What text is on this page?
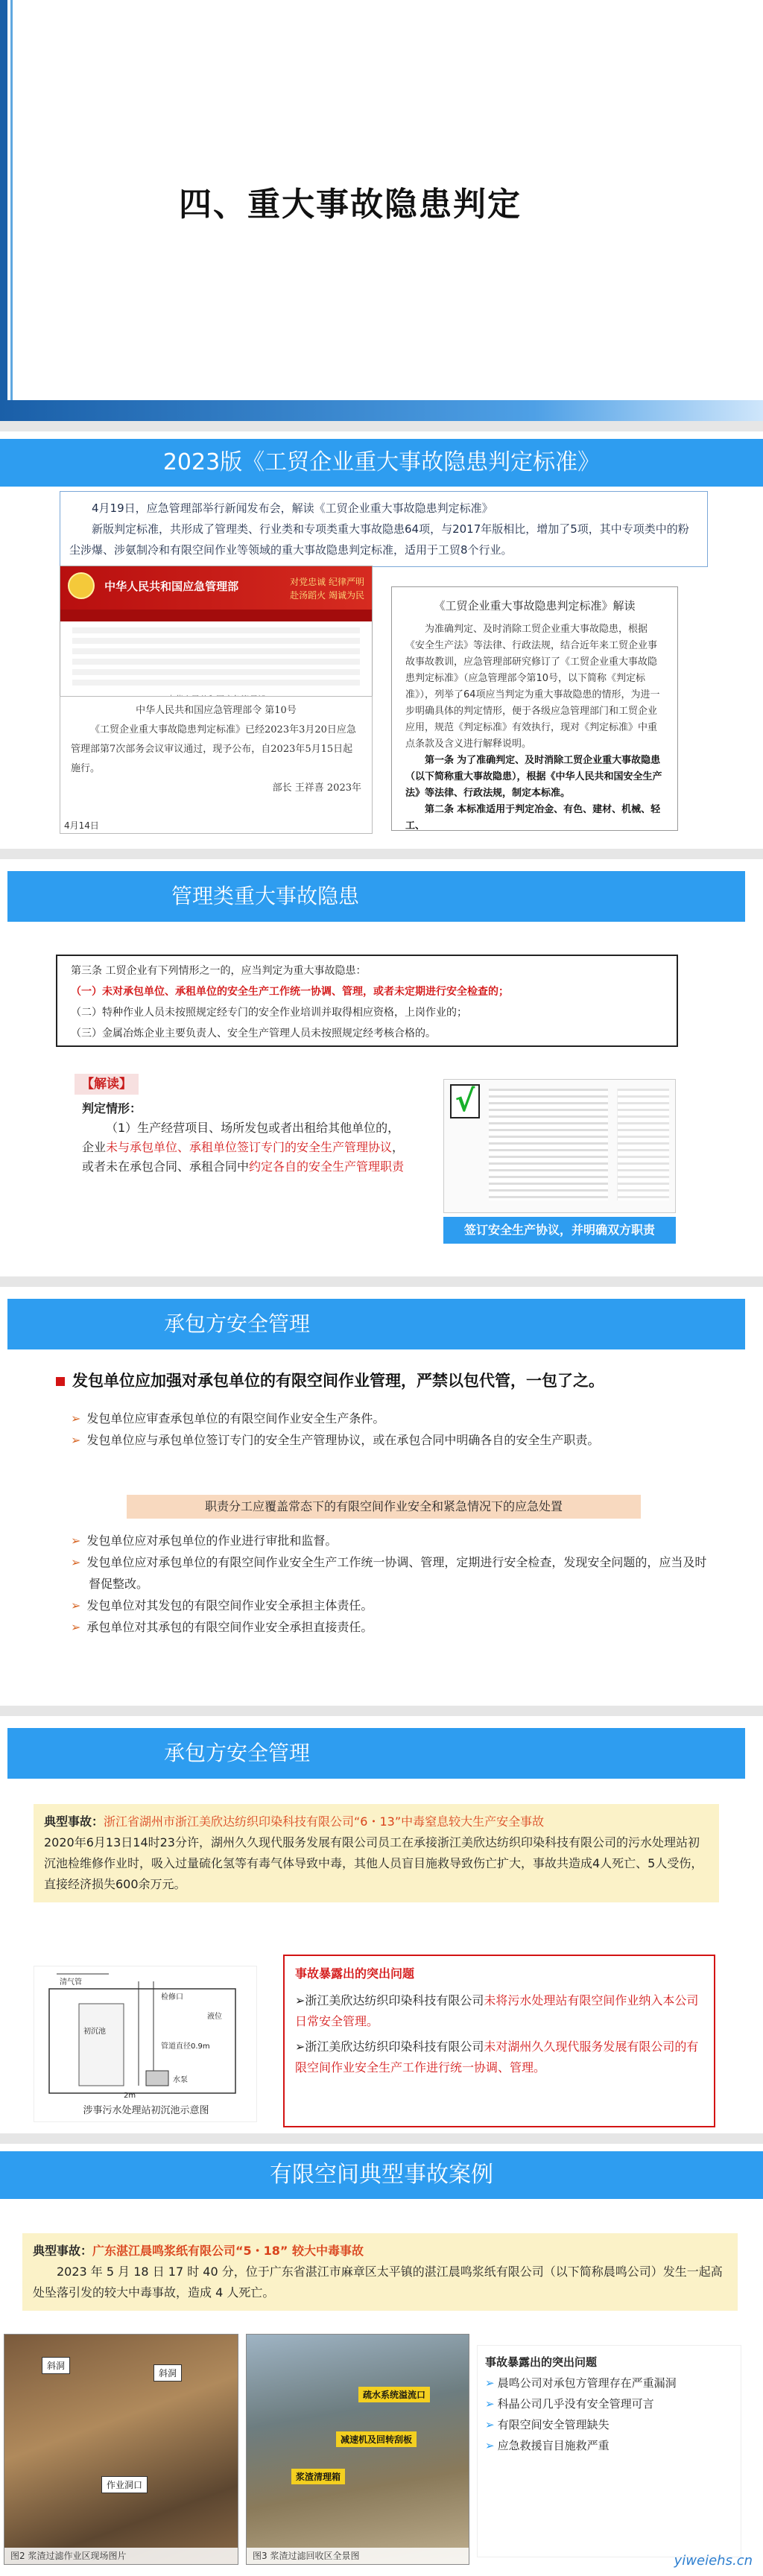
四、重大事故隐患判定
2023版《工贸企业重大事故隐患判定标准》

4月19日，应急管理部举行新闻发布会，解读《工贸企业重大事故隐患判定标准》

新版判定标准，共形成了管理类、行业类和专项类重大事故隐患64项，与2017年版相比，增加了5项，其中专项类中的粉尘涉爆、涉氨制冷和有限空间作业等领域的重大事故隐患判定标准，适用于工贸8个行业。

中华人民共和国应急管理部	对党忠诚 纪律严明
赴汤蹈火 竭诚为民
中华人民共和国应急管理部令 第10号
《工贸企业重大事故隐患判定标准》已经2023年3月20日应急管理部第7次部务会议审议通过，现予公布，自2023年5月15日起施行。
部长 王祥喜 2023年
4月14日
《工贸企业重大事故隐患判定标准》解读
为准确判定、及时消除工贸企业重大事故隐患，根据《安全生产法》等法律、行政法规，结合近年来工贸企业事故事故教训，应急管理部研究修订了《工贸企业重大事故隐患判定标准》（应急管理部令第10号，以下简称《判定标准》），列举了64项应当判定为重大事故隐患的情形，为进一步明确具体的判定情形，便于各级应急管理部门和工贸企业应用，规范《判定标准》有效执行，现对《判定标准》中重点条款及含义进行解释说明。
第一条 为了准确判定、及时消除工贸企业重大事故隐患（以下简称重大事故隐患），根据《中华人民共和国安全生产法》等法律、行政法规，制定本标准。
第二条 本标准适用于判定冶金、有色、建材、机械、轻工、
管理类重大事故隐患
第三条 工贸企业有下列情形之一的，应当判定为重大事故隐患：
（一）未对承包单位、承租单位的安全生产工作统一协调、管理，或者未定期进行安全检查的；
（二）特种作业人员未按照规定经专门的安全作业培训并取得相应资格，上岗作业的；
（三）金属冶炼企业主要负责人、安全生产管理人员未按照规定经考核合格的。
【解读】
判定情形：
（1）生产经营项目、场所发包或者出租给其他单位的，企业未与承包单位、承租单位签订专门的安全生产管理协议，或者未在承包合同、承租合同中约定各自的安全生产管理职责
√
签订安全生产协议，并明确双方职责
承包方安全管理
发包单位应加强对承包单位的有限空间作业管理，严禁以包代管，一包了之。
➢ 发包单位应审查承包单位的有限空间作业安全生产条件。
➢ 发包单位应与承包单位签订专门的安全生产管理协议，或在承包合同中明确各自的安全生产职责。
职责分工应覆盖常态下的有限空间作业安全和紧急情况下的应急处置
➢ 发包单位应对承包单位的作业进行审批和监督。
➢ 发包单位应对承包单位的有限空间作业安全生产工作统一协调、管理，定期进行安全检查，发现安全问题的，应当及时督促整改。
➢ 发包单位对其发包的有限空间作业安全承担主体责任。
➢ 承包单位对其承包的有限空间作业安全承担直接责任。
承包方安全管理
典型事故：浙江省湖州市浙江美欣达纺织印染科技有限公司“6・13”中毒窒息较大生产安全事故
2020年6月13日14时23分许，湖州久久现代服务发展有限公司员工在承接浙江美欣达纺织印染科技有限公司的污水处理站初沉池检维修作业时，吸入过量硫化氢等有毒气体导致中毒，其他人员盲目施救导致伤亡扩大，事故共造成4人死亡、5人受伤，直接经济损失600余万元。
清气管
初沉池
检修口
管道直径0.9m
水泵
液位
2m
涉事污水处理站初沉池示意图
事故暴露出的突出问题
➢浙江美欣达纺织印染科技有限公司未将污水处理站有限空间作业纳入本公司日常安全管理。
➢浙江美欣达纺织印染科技有限公司未对湖州久久现代服务发展有限公司的有限空间作业安全生产工作进行统一协调、管理。
有限空间典型事故案例
典型事故：广东湛江晨鸣浆纸有限公司“5・18” 较大中毒事故
2023 年 5 月 18 日 17 时 40 分，位于广东省湛江市麻章区太平镇的湛江晨鸣浆纸有限公司（以下简称晨鸣公司）发生一起高处坠落引发的较大中毒事故，造成 4 人死亡。
斜洞
斜洞
作业洞口
图2 浆渣过滤作业区现场图片
疏水系统溢流口
减速机及回转刮板
浆渣清理箱
图3 浆渣过滤回收区全景图
事故暴露出的突出问题
➢ 晨鸣公司对承包方管理存在严重漏洞
➢ 科晶公司几乎没有安全管理可言
➢ 有限空间安全管理缺失
➢ 应急救援盲目施救严重
yiweiehs.cn
